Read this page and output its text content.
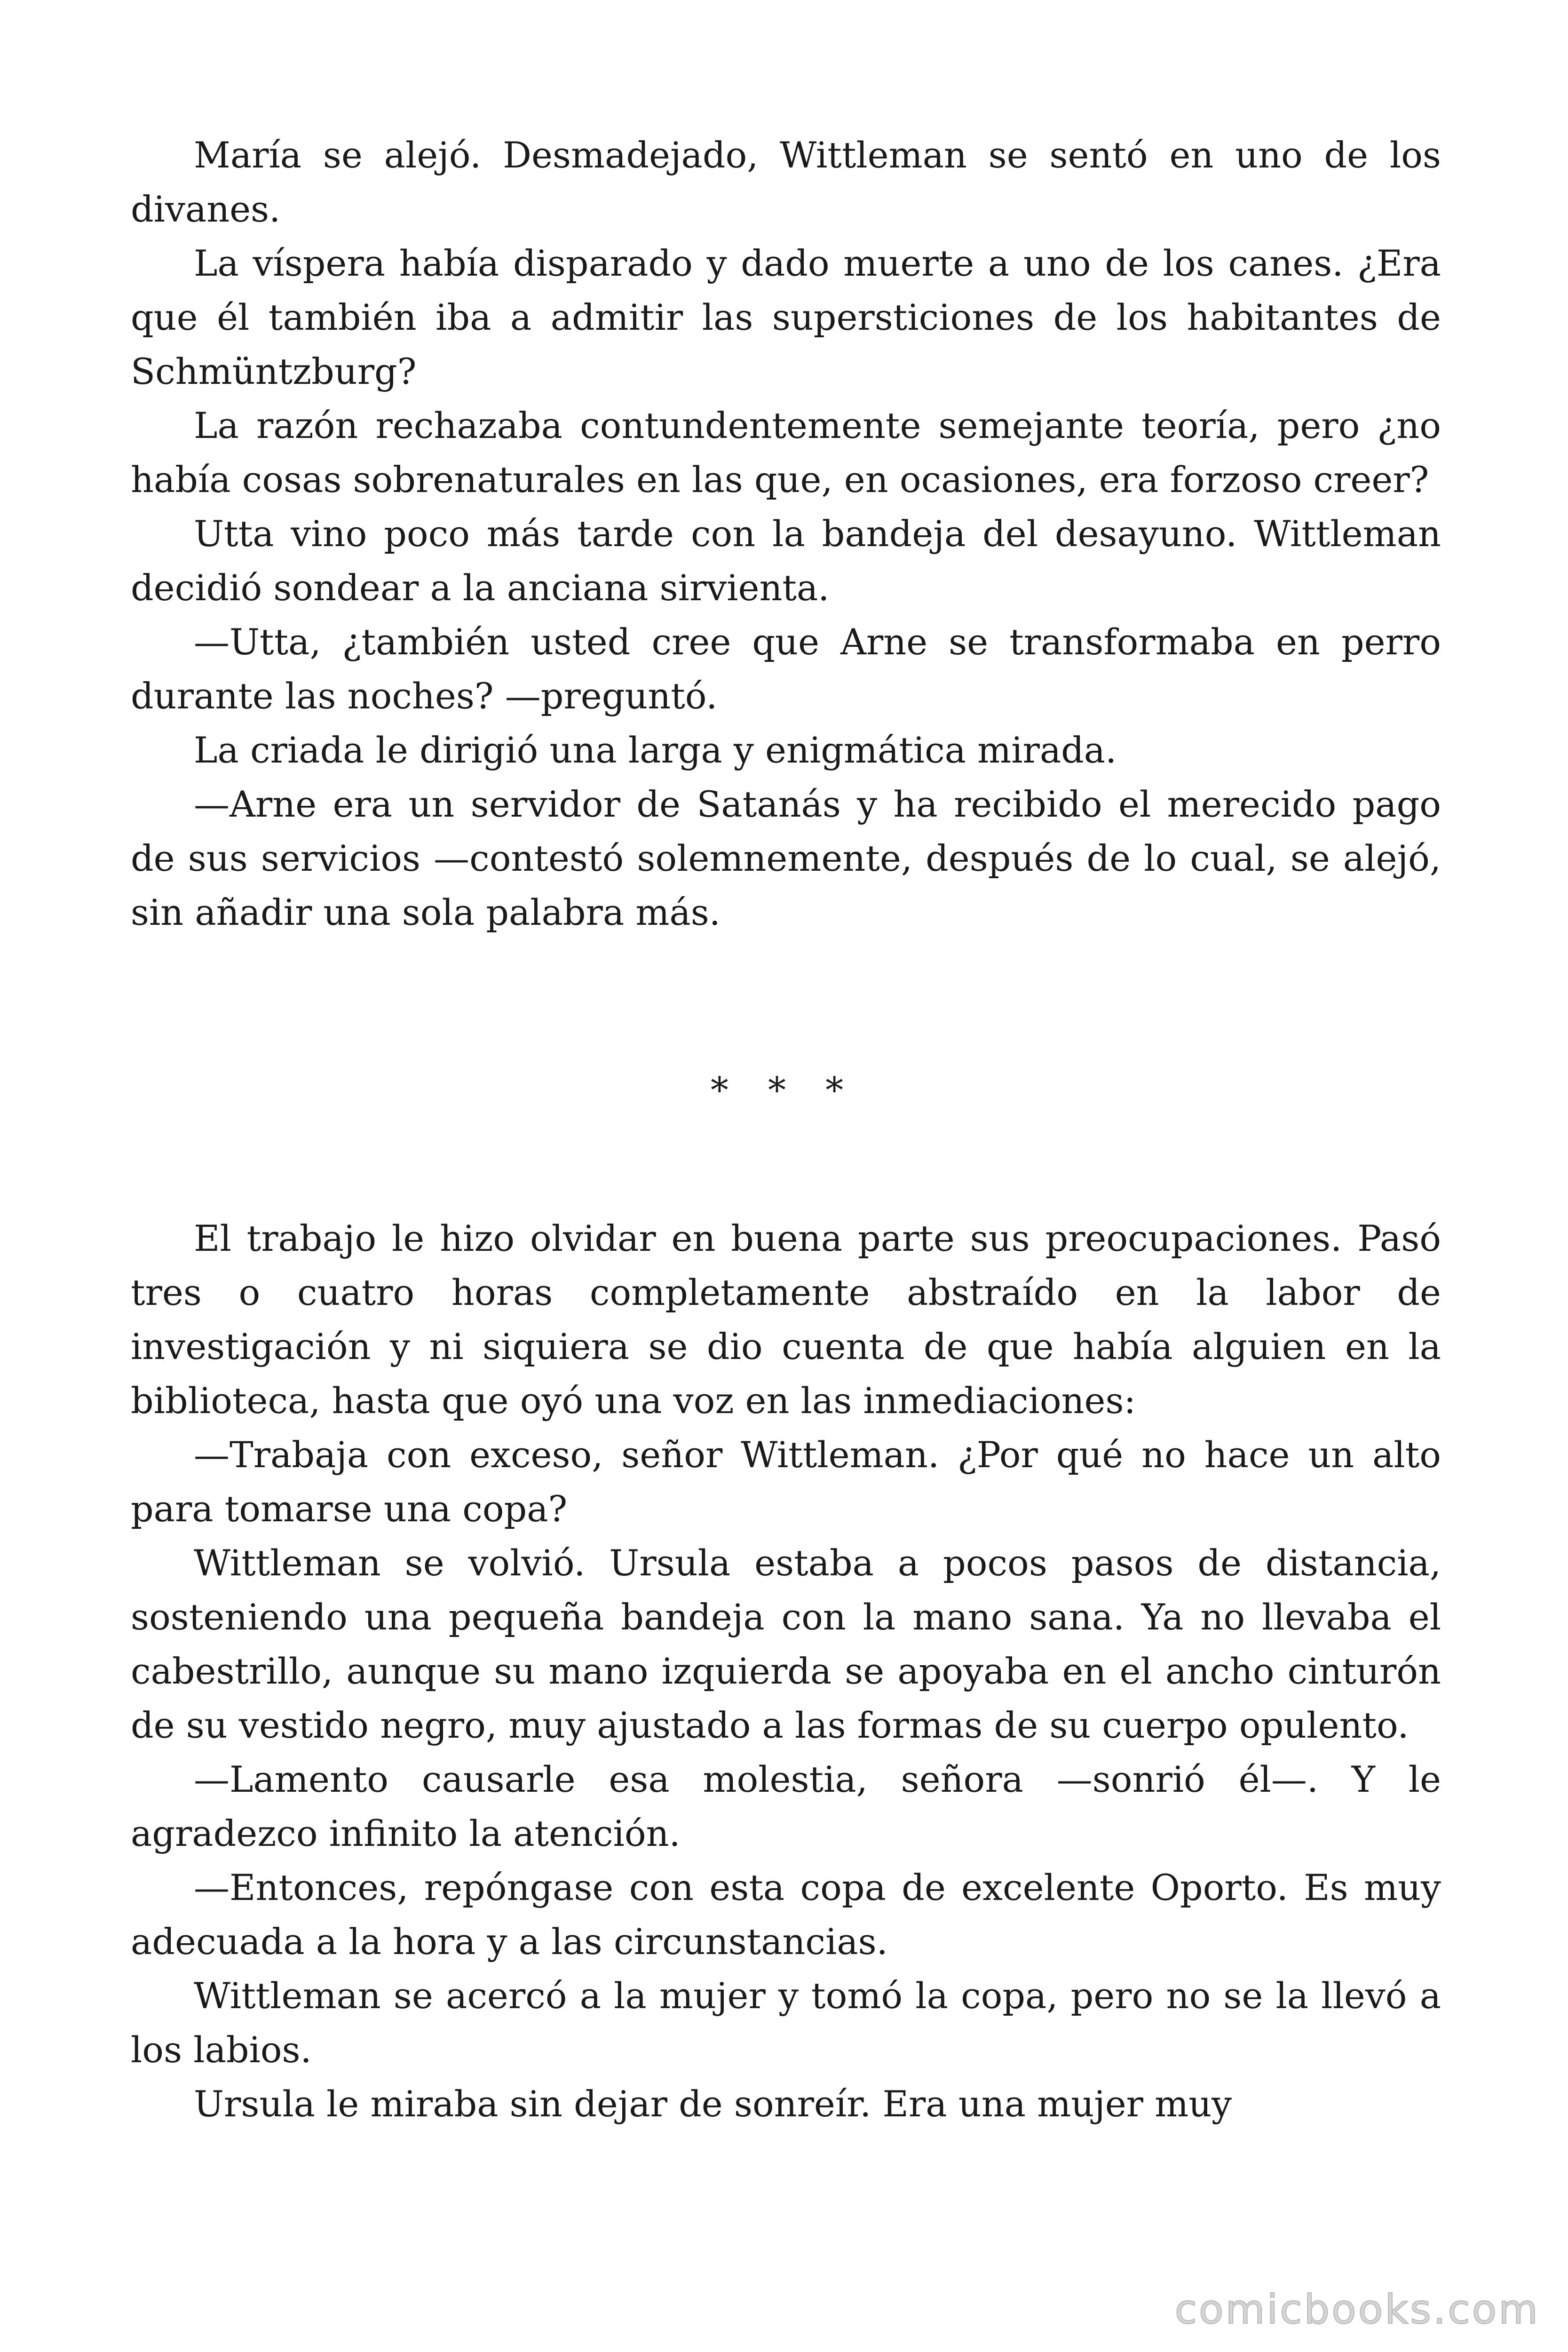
María se alejó. Desmadejado, Wittleman se sentó en uno de los divanes.

La víspera había disparado y dado muerte a uno de los canes. ¿Era que él también iba a admitir las supersticiones de los habitantes de Schmüntzburg?

La razón rechazaba contundentemente semejante teoría, pero ¿no había cosas sobrenaturales en las que, en ocasiones, era forzoso creer?

Utta vino poco más tarde con la bandeja del desayuno. Wittleman decidió sondear a la anciana sirvienta.

—Utta, ¿también usted cree que Arne se transformaba en perro durante las noches? —preguntó.

La criada le dirigió una larga y enigmática mirada.

—Arne era un servidor de Satanás y ha recibido el merecido pago de sus servicios —contestó solemnemente, después de lo cual, se alejó, sin añadir una sola palabra más.

* * *

El trabajo le hizo olvidar en buena parte sus preocupaciones. Pasó tres o cuatro horas completamente abstraído en la labor de investigación y ni siquiera se dio cuenta de que había alguien en la biblioteca, hasta que oyó una voz en las inmediaciones:

—Trabaja con exceso, señor Wittleman. ¿Por qué no hace un alto para tomarse una copa?

Wittleman se volvió. Ursula estaba a pocos pasos de distancia, sosteniendo una pequeña bandeja con la mano sana. Ya no llevaba el cabestrillo, aunque su mano izquierda se apoyaba en el ancho cinturón de su vestido negro, muy ajustado a las formas de su cuerpo opulento.

—Lamento causarle esa molestia, señora —sonrió él—. Y le agradezco infinito la atención.

—Entonces, repóngase con esta copa de excelente Oporto. Es muy adecuada a la hora y a las circunstancias.

Wittleman se acercó a la mujer y tomó la copa, pero no se la llevó a los labios.

Ursula le miraba sin dejar de sonreír. Era una mujer muy

comicbooks.com
